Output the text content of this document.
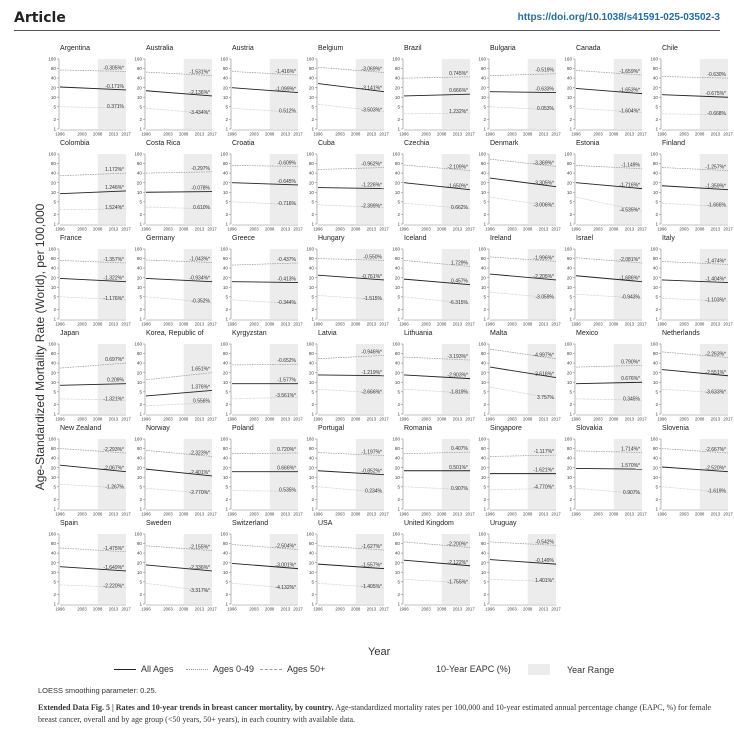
Article	https://doi.org/10.1038/s41591-025-03502-3
Age-Standardized Mortality Rate (World), per 100,000
Argentina
1
2
5
10
20
40
80
160
1996	2003 2008 2013 2017
-0.305%*
-0.171%
0.371%
Australia
1
2
5
10
20
40
80
160
1996	2003 2008 2013 2017
-1.531%*
-2.136%*
-3.434%*
Austria
1
2
5
10
20
40
80
160
1996	2003 2008 2013 2017
-1.416%*
-1.099%*
0.512%
Belgium
1
2
5
10
20
40
80
160
1996	2003 2008 2013 2017
-3.069%*
-3.141%*
-3.503%*
Brazil
1
2
5
10
20
40
80
160
1996	2003 2008 2013 2017
0.745%*
0.666%*
1.232%*
Bulgaria
1
2
5
10
20
40
80
160
1996	2003 2008 2013 2017
-0.519%
-0.633%
0.053%
Canada
1
2
5
10
20
40
80
160
1996	2003 2008 2013 2017
-1.659%*
-1.653%*
-1.604%*
Chile
1
2
5
10
20
40
80
160
1996	2003 2008 2013 2017
-0.630%
-0.675%*
-0.668%
Colombia
1
2
5
10
20
40
80
160
1996	2003 2008 2013 2017
1.172%*
1.246%*
1.524%*
Costa Rica
1
2
5
10
20
40
80
160
1996	2003 2008 2013 2017
-0.297%
-0.078%
0.610%
Croatia
1
2
5
10
20
40
80
160
1996	2003 2008 2013 2017
-0.609%
-0.645%
-0.716%
Cuba
1
2
5
10
20
40
80
160
1996	2003 2008 2013 2017
-0.962%*
-1.226%*
-2.399%*
Czechia
1
2
5
10
20
40
80
160
1996	2003 2008 2013 2017
-2.109%*
-1.650%*
0.662%
Denmark
1
2
5
10
20
40
80
160
1996	2003 2008 2013 2017
-3.369%*
-3.305%*
-3.006%*
Estonia
1
2
5
10
20
40
80
160
1996	2003 2008 2013 2017
-1.149%
-1.716%*
-4.535%*
Finland
1
2
5
10
20
40
80
160
1996	2003 2008 2013 2017
-1.257%*
-1.359%*
-1.666%
France
1
2
5
10
20
40
80
160
1996	2003 2008 2013 2017
-1.357%*
-1.322%*
-1.176%*
Germany
1
2
5
10
20
40
80
160
1996	2003 2008 2013 2017
-1.043%*
-0.934%*
-0.352%
Greece
1
2
5
10
20
40
80
160
1996	2003 2008 2013 2017
-0.437%
-0.413%
-0.344%
Hungary
1
2
5
10
20
40
80
160
1996	2003 2008 2013 2017
-0.550%
-0.761%*
-1.515%
Iceland
1
2
5
10
20
40
80
160
1996	2003 2008 2013 2017
1.729%
0.457%
-6.315%
Ireland
1
2
5
10
20
40
80
160
1996	2003 2008 2013 2017
-1.996%*
-2.205%*
-3.059%
Israel
1
2
5
10
20
40
80
160
1996	2003 2008 2013 2017
-2.081%*
-1.686%*
-0.943%
Italy
1
2
5
10
20
40
80
160
1996	2003 2008 2013 2017
-1.474%*
-1.404%*
-1.103%*
Japan
1
2
5
10
20
40
80
160
1996	2003 2008 2013 2017
0.697%*
0.209%
-1.321%*
Korea, Republic of
1
2
5
10
20
40
80
160
1996	2003 2008 2013 2017
1.651%*
1.376%*
0.556%
Kyrgyzstan
1
2
5
10
20
40
80
160
1996	2003 2008 2013 2017
-0.652%
-1.577%
-3.561%*
Latvia
1
2
5
10
20
40
80
160
1996	2003 2008 2013 2017
-0.946%*
-1.219%*
-2.666%*
Lithuania
1
2
5
10
20
40
80
160
1996	2003 2008 2013 2017
-3.193%*
-2.903%*
-1.819%
Malta
1
2
5
10
20
40
80
160
1996	2003 2008 2013 2017
-4.997%*
-3.616%*
3.757%
Mexico
1
2
5
10
20
40
80
160
1996	2003 2008 2013 2017
0.790%*
0.676%*
0.345%
Netherlands
1
2
5
10
20
40
80
160
1996	2003 2008 2013 2017
-2.263%*
-2.551%*
-3.633%*
New Zealand
1
2
5
10
20
40
80
160
1996	2003 2008 2013 2017
-2.293%*
-2.067%*
-1.267%
Norway
1
2
5
10
20
40
80
160
1996	2003 2008 2013 2017
-2.323%*
-2.401%*
-2.770%*
Poland
1
2
5
10
20
40
80
160
1996	2003 2008 2013 2017
0.720%*
0.666%*
0.535%
Portugal
1
2
5
10
20
40
80
160
1996	2003 2008 2013 2017
-1.197%*
-0.852%*
0.234%
Romania
1
2
5
10
20
40
80
160
1996	2003 2008 2013 2017
0.407%
0.501%*
0.907%
Singapore
1
2
5
10
20
40
80
160
1996	2003 2008 2013 2017
-1.117%*
-1.621%*
-4.770%*
Slovakia
1
2
5
10
20
40
80
160
1996	2003 2008 2013 2017
1.714%*
1.570%*
0.907%
Slovenia
1
2
5
10
20
40
80
160
1996	2003 2008 2013 2017
-2.667%*
-2.520%*
-1.619%
Spain
1
2
5
10
20
40
80
160
1996	2003 2008 2013 2017
-1.475%*
-1.649%*
-2.220%*
Sweden
1
2
5
10
20
40
80
160
1996	2003 2008 2013 2017
-2.155%*
-2.336%*
-3.317%*
Switzerland
1
2
5
10
20
40
80
160
1996	2003 2008 2013 2017
-2.504%*
-3.001%*
-4.132%*
USA
1
2
5
10
20
40
80
160
1996	2003 2008 2013 2017
-1.627%*
-1.557%*
-1.405%*
United Kingdom
1
2
5
10
20
40
80
160
1996	2003 2008 2013 2017
-2.200%*
-2.122%*
-1.755%*
Uruguay
1
2
5
10
20
40
80
160
1996	2003 2008 2013 2017
-0.542%
-0.149%
1.401%*
Year
All Ages	Ages 0-49	Ages 50+	10-Year EAPC (%)	Year Range
LOESS smoothing parameter: 0.25.
Extended Data Fig. 5 | Rates and 10-year trends in breast cancer mortality, by country. Age-standardized mortality rates per 100,000 and 10-year estimated annual percentage change (EAPC, %) for female breast cancer, overall and by age group (<50 years, 50+ years), in each country with available data.
